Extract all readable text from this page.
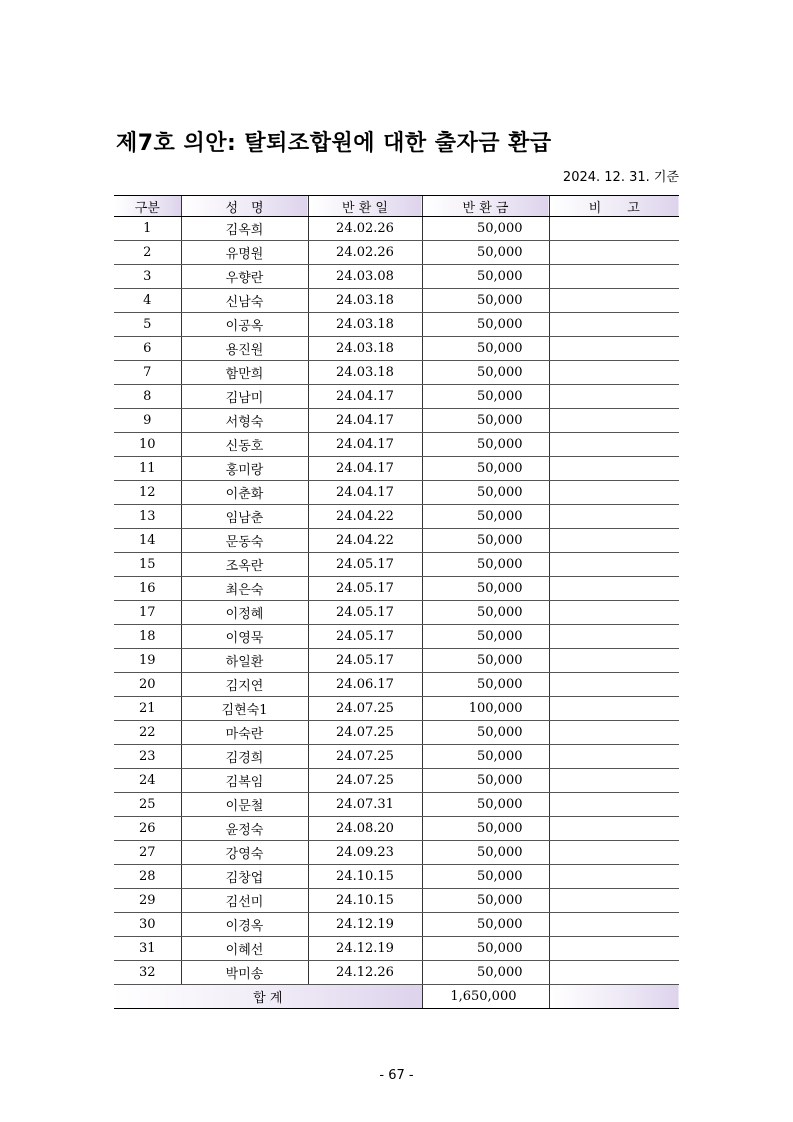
제7호 의안: 탈퇴조합원에 대한 출자금 환급
2024. 12. 31. 기준
구분	성　명	반 환 일	반 환 금	비　　고
1	김옥희	24.02.26	50,000	
2	유명원	24.02.26	50,000	
3	우향란	24.03.08	50,000	
4	신남숙	24.03.18	50,000	
5	이공옥	24.03.18	50,000	
6	용진원	24.03.18	50,000	
7	함만희	24.03.18	50,000	
8	김남미	24.04.17	50,000	
9	서형숙	24.04.17	50,000	
10	신동호	24.04.17	50,000	
11	홍미랑	24.04.17	50,000	
12	이춘화	24.04.17	50,000	
13	임남춘	24.04.22	50,000	
14	문동숙	24.04.22	50,000	
15	조옥란	24.05.17	50,000	
16	최은숙	24.05.17	50,000	
17	이정혜	24.05.17	50,000	
18	이영묵	24.05.17	50,000	
19	하일환	24.05.17	50,000	
20	김지연	24.06.17	50,000	
21	김현숙1	24.07.25	100,000	
22	마숙란	24.07.25	50,000	
23	김경희	24.07.25	50,000	
24	김복임	24.07.25	50,000	
25	이문철	24.07.31	50,000	
26	윤정숙	24.08.20	50,000	
27	강영숙	24.09.23	50,000	
28	김창업	24.10.15	50,000	
29	김선미	24.10.15	50,000	
30	이경옥	24.12.19	50,000	
31	이혜선	24.12.19	50,000	
32	박미송	24.12.26	50,000	
합 계			1,650,000	
- 67 -
